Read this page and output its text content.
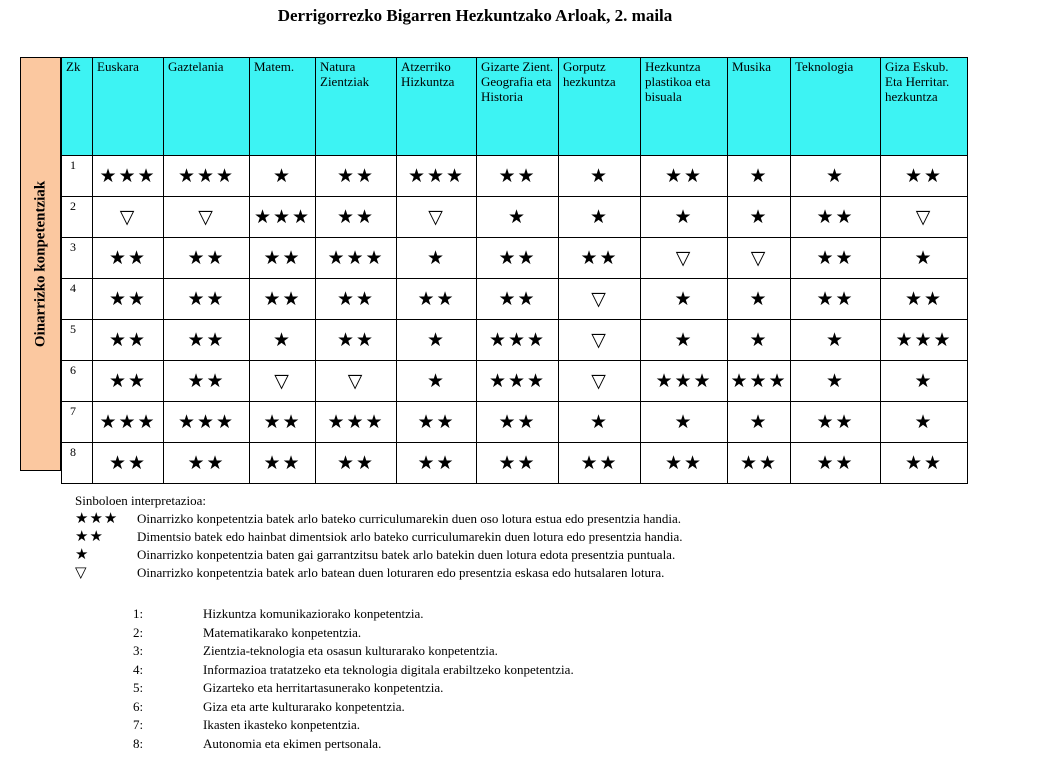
Derrigorrezko Bigarren Hezkuntzako Arloak, 2. maila
Oinarrizko konpetentziak
Zk	Euskara	Gaztelania	Matem.	Natura Zientziak	Atzerriko Hizkuntza	Gizarte Zient. Geografia eta Historia	Gorputz hezkuntza	Hezkuntza plastikoa eta bisuala	Musika	Teknologia	Giza Eskub. Eta Herritar. hezkuntza
1	★★★	★★★	★	★★	★★★	★★	★	★★	★	★	★★
2	▽	▽	★★★	★★	▽	★	★	★	★	★★	▽
3	★★	★★	★★	★★★	★	★★	★★	▽	▽	★★	★
4	★★	★★	★★	★★	★★	★★	▽	★	★	★★	★★
5	★★	★★	★	★★	★	★★★	▽	★	★	★	★★★
6	★★	★★	▽	▽	★	★★★	▽	★★★	★★★	★	★
7	★★★	★★★	★★	★★★	★★	★★	★	★	★	★★	★
8	★★	★★	★★	★★	★★	★★	★★	★★	★★	★★	★★
Sinboloen interpretazioa:
★★★	Oinarrizko konpetentzia batek arlo bateko curriculumarekin duen oso lotura estua edo presentzia handia.
★★	Dimentsio batek edo hainbat dimentsiok arlo bateko curriculumarekin duen lotura edo presentzia handia.
★	Oinarrizko konpetentzia baten gai garrantzitsu batek arlo batekin duen lotura edota presentzia puntuala.
▽	Oinarrizko konpetentzia batek arlo batean duen loturaren edo presentzia eskasa edo hutsalaren lotura.
1:	Hizkuntza komunikaziorako konpetentzia.
2:	Matematikarako konpetentzia.
3:	Zientzia-teknologia eta osasun kulturarako konpetentzia.
4:	Informazioa tratatzeko eta teknologia digitala erabiltzeko konpetentzia.
5:	Gizarteko eta herritartasunerako konpetentzia.
6:	Giza eta arte kulturarako konpetentzia.
7:	Ikasten ikasteko konpetentzia.
8:	Autonomia eta ekimen pertsonala.
